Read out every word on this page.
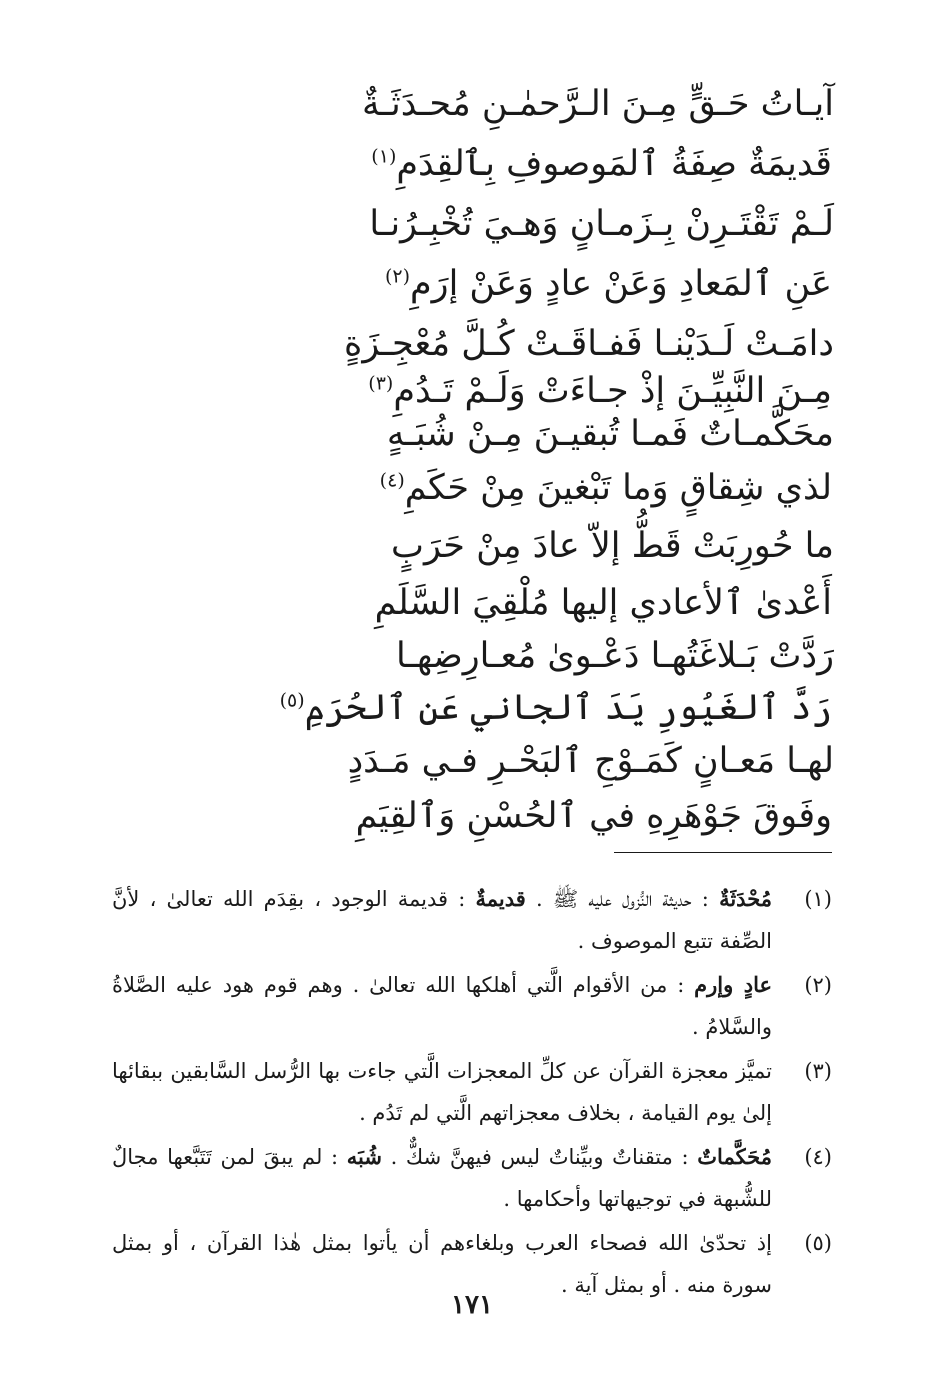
آيـاتُ حَـقٍّ مِـنَ الـرَّحمٰـنِ مُحـدَثَـةٌ
قَديمَةٌ صِفَةُ ٱلمَوصوفِ بِٱلقِدَمِ$^{(١)}$
لَـمْ تَقْتَـرِنْ بِـزَمـانٍ وَهـيَ تُخْبِـرُنـا
عَنِ ٱلمَعادِ وَعَنْ عادٍ وَعَنْ إرَمِ$^{(٢)}$
دامَـتْ لَـدَيْنـا فَفـاقَـتْ كُـلَّ مُعْجِـزَةٍ
مِـنَ النَّبِيِّـنَ إذْ جـاءَتْ وَلَـمْ تَـدُمِ$^{(٣)}$
محَكَّمـاتٌ فَمـا تُبقيـنَ مِـنْ شُبَـهٍ
لذي شِقاقٍ وَما تَبْغينَ مِنْ حَكَمِ$^{(٤)}$
ما حُورِبَتْ قَطُّ إلاّ عادَ مِنْ حَرَبٍ
أَعْدىٰ ٱلأعادي إليها مُلْقِيَ السَّلَمِ
رَدَّتْ بَـلاغَتُهـا دَعْـوىٰ مُعـارِضِهـا
رَدَّ ٱلغَيُورِ يَدَ ٱلجاني عَنِ ٱلحُرَمِ$^{(٥)}$
لهـا مَعـانٍ كَمَـوْجِ ٱلبَحْـرِ فـي مَـدَدٍ
وفَوقَ جَوْهَرِهِ في ٱلحُسْنِ وَٱلقِيَمِ
(١)
مُحْدَثَةٌ : حديثة النُّزول عليه ﷺ . قديمةٌ : قديمة الوجود ، بقِدَم الله تعالىٰ ، لأنَّ الصِّفة تتبع الموصوف .
(٢)
عادٍ وإرم : من الأقوام الَّتي أهلكها الله تعالىٰ . وهم قوم هود عليه الصَّلاةُ والسَّلامُ .
(٣)
تميَّز معجزة القرآن عن كلِّ المعجزات الَّتي جاءت بها الرُّسل السَّابقين ببقائها إلىٰ يوم القيامة ، بخلاف معجزاتهم الَّتي لم تَدُم .
(٤)
مُحَكَّماتٌ : متقناتٌ وبيِّناتٌ ليس فيهنَّ شكٌّ . شُبَه : لم يبقَ لمن تَتَبَّعها مجالٌ للشُّبهة في توجيهاتها وأحكامها .
(٥)
إذ تحدّىٰ الله فصحاء العرب وبلغاءهم أن يأتوا بمثل هٰذا القرآن ، أو بمثل سورة منه . أو بمثل آية .
١٧١
